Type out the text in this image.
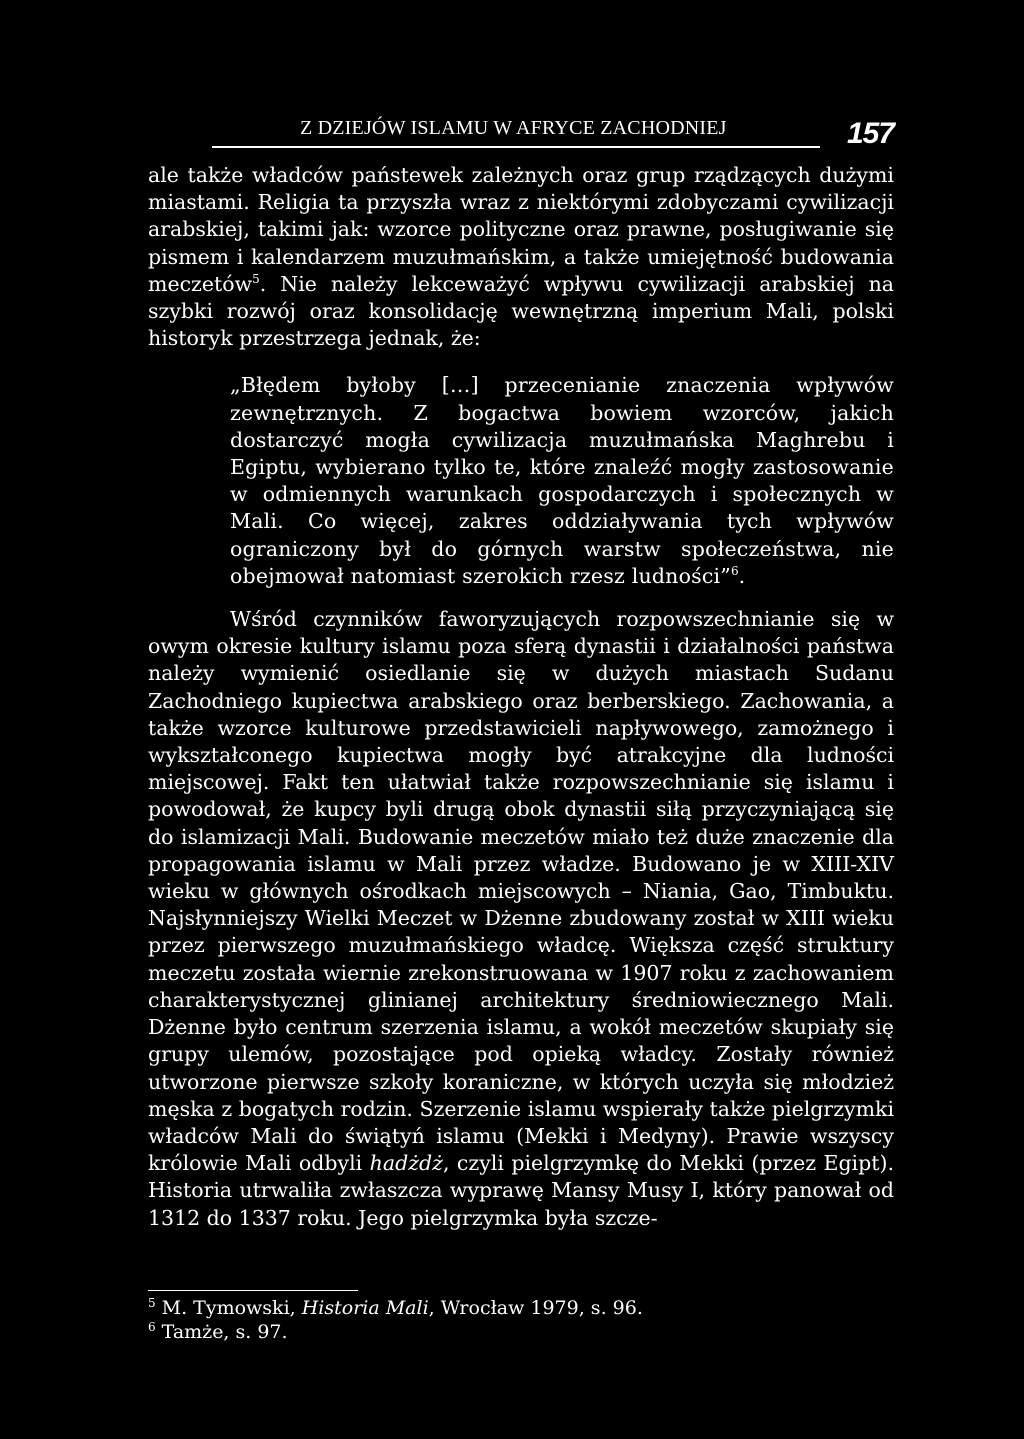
Z DZIEJÓW ISLAMU W AFRYCE ZACHODNIEJ	157

ale także władców państewek zależnych oraz grup rządzących dużymi miastami. Religia ta przyszła wraz z niektórymi zdobyczami cywilizacji arabskiej, takimi jak: wzorce polityczne oraz prawne, posługiwanie się pismem i kalendarzem muzułmańskim, a także umiejętność budowania meczetów$^5$. Nie należy lekceważyć wpływu cywilizacji arabskiej na szybki rozwój oraz konsolidację wewnętrzną imperium Mali, polski historyk przestrzega jednak, że:

„Błędem byłoby […] przecenianie znaczenia wpływów zewnętrznych. Z bogactwa bowiem wzorców, jakich dostarczyć mogła cywilizacja muzułmańska Maghrebu i Egiptu, wybierano tylko te, które znaleźć mogły zastosowanie w odmiennych warunkach gospodarczych i społecznych w Mali. Co więcej, zakres oddziaływania tych wpływów ograniczony był do górnych warstw społeczeństwa, nie obejmował natomiast szerokich rzesz ludności”$^6$.

Wśród czynników faworyzujących rozpowszechnianie się w owym okresie kultury islamu poza sferą dynastii i działalności państwa należy wymienić osiedlanie się w dużych miastach Sudanu Zachodniego kupiectwa arabskiego oraz berberskiego. Zachowania, a także wzorce kulturowe przedstawicieli napływowego, zamożnego i wykształconego kupiectwa mogły być atrakcyjne dla ludności miejscowej. Fakt ten ułatwiał także rozpowszechnianie się islamu i powodował, że kupcy byli drugą obok dynastii siłą przyczyniającą się do islamizacji Mali. Budowanie meczetów miało też duże znaczenie dla propagowania islamu w Mali przez władze. Budowano je w XIII-XIV wieku w głównych ośrodkach miejscowych – Niania, Gao, Timbuktu. Najsłynniejszy Wielki Meczet w Dżenne zbudowany został w XIII wieku przez pierwszego muzułmańskiego władcę. Większa część struktury meczetu została wiernie zrekonstruowana w 1907 roku z zachowaniem charakterystycznej glinianej architektury średniowiecznego Mali. Dżenne było centrum szerzenia islamu, a wokół meczetów skupiały się grupy ulemów, pozostające pod opieką władcy. Zostały również utworzone pierwsze szkoły koraniczne, w których uczyła się młodzież męska z bogatych rodzin. Szerzenie islamu wspierały także pielgrzymki władców Mali do świątyń islamu (Mekki i Medyny). Prawie wszyscy królowie Mali odbyli hadżdż, czyli pielgrzymkę do Mekki (przez Egipt). Historia utrwaliła zwłaszcza wyprawę Mansy Musy I, który panował od 1312 do 1337 roku. Jego pielgrzymka była szcze-

$^5$ M. Tymowski, Historia Mali, Wrocław 1979, s. 96.
$^6$ Tamże, s. 97.
